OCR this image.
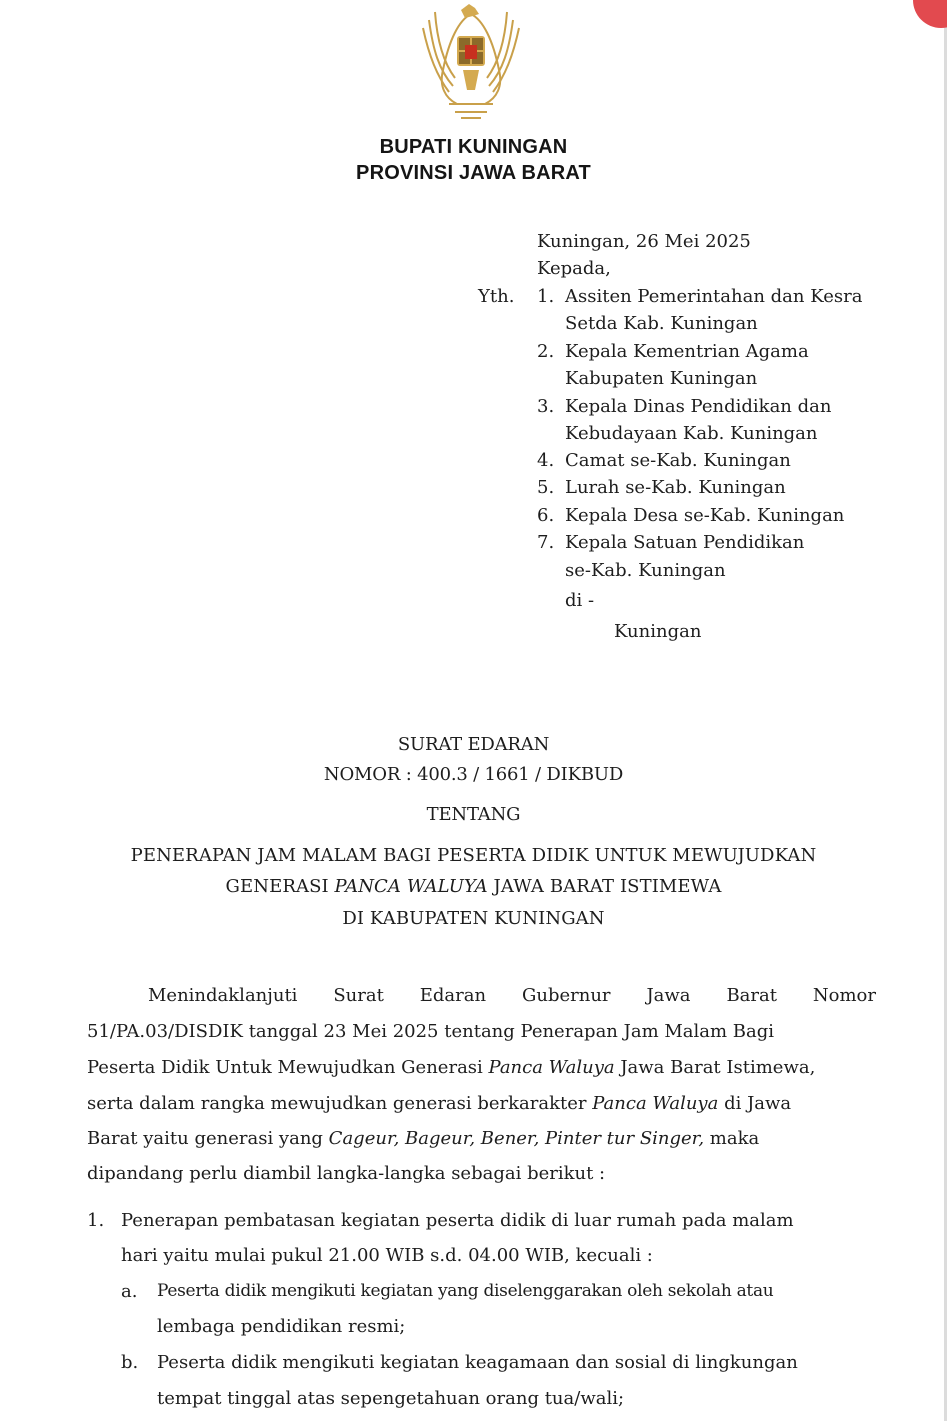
BUPATI KUNINGAN
PROVINSI JAWA BARAT
Kuningan, 26 Mei 2025
Kepada,
Yth. 1. Assiten Pemerintahan dan Kesra
Setda Kab. Kuningan
2. Kepala Kementrian Agama
Kabupaten Kuningan
3. Kepala Dinas Pendidikan dan
Kebudayaan Kab. Kuningan
4. Camat se-Kab. Kuningan
5. Lurah se-Kab. Kuningan
6. Kepala Desa se-Kab. Kuningan
7. Kepala Satuan Pendidikan
se-Kab. Kuningan
di -
Kuningan
SURAT EDARAN
NOMOR : 400.3 / 1661 / DIKBUD
TENTANG
PENERAPAN JAM MALAM BAGI PESERTA DIDIK UNTUK MEWUJUDKAN
GENERASI PANCA WALUYA JAWA BARAT ISTIMEWA
DI KABUPATEN KUNINGAN
Menindaklanjuti Surat Edaran Gubernur Jawa Barat Nomor
51/PA.03/DISDIK tanggal 23 Mei 2025 tentang Penerapan Jam Malam Bagi
Peserta Didik Untuk Mewujudkan Generasi Panca Waluya Jawa Barat Istimewa,
serta dalam rangka mewujudkan generasi berkarakter Panca Waluya di Jawa
Barat yaitu generasi yang Cageur, Bageur, Bener, Pinter tur Singer, maka
dipandang perlu diambil langka-langka sebagai berikut :
1. Penerapan pembatasan kegiatan peserta didik di luar rumah pada malam
hari yaitu mulai pukul 21.00 WIB s.d. 04.00 WIB, kecuali :
a. Peserta didik mengikuti kegiatan yang diselenggarakan oleh sekolah atau
lembaga pendidikan resmi;
b. Peserta didik mengikuti kegiatan keagamaan dan sosial di lingkungan
tempat tinggal atas sepengetahuan orang tua/wali;
